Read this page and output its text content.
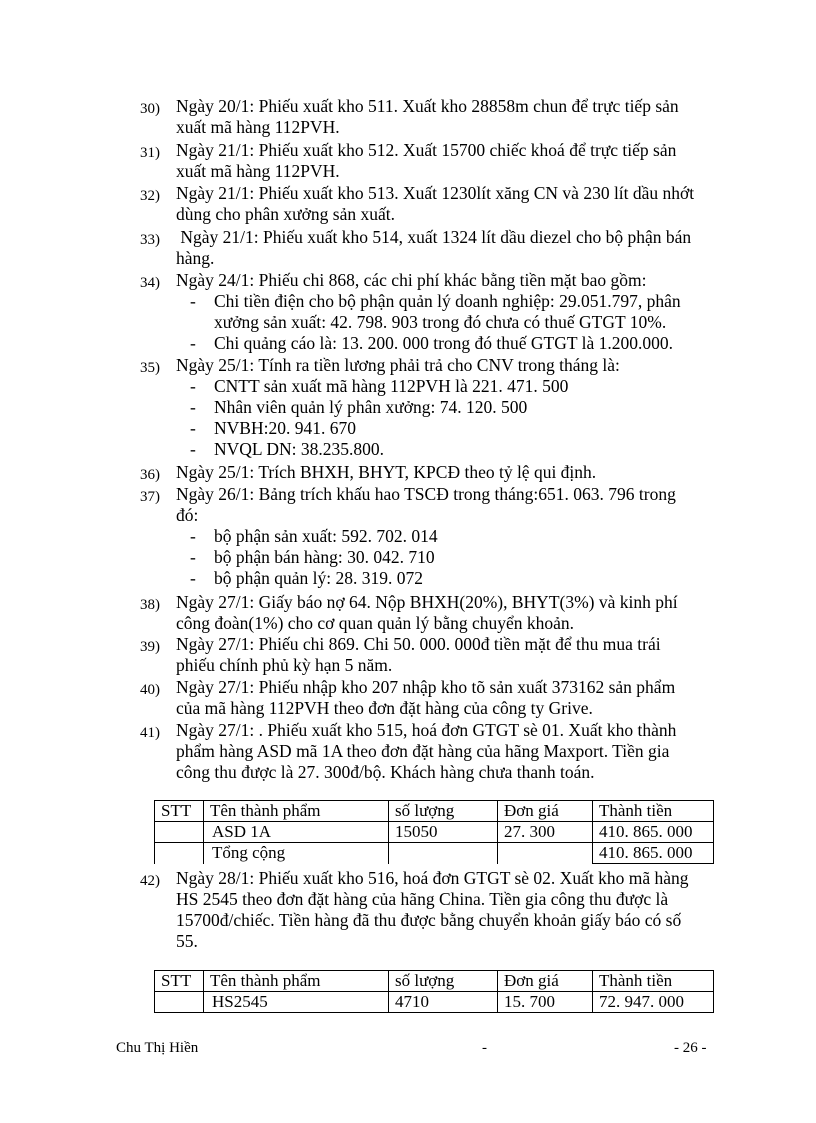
30) Ngày 20/1: Phiếu xuất kho 511. Xuất kho 28858m chun để trực tiếp sản

xuất mã hàng 112PVH.

31) Ngày 21/1: Phiếu xuất kho 512. Xuất 15700 chiếc khoá để trực tiếp sản

xuất mã hàng 112PVH.

32) Ngày 21/1: Phiếu xuất kho 513. Xuất 1230lít xăng CN và 230 lít dầu nhớt

dùng cho phân xưởng sản xuất.

33) Ngày 21/1: Phiếu xuất kho 514, xuất 1324 lít dầu diezel cho bộ phận bán

hàng.

34) Ngày 24/1: Phiếu chi 868, các chi phí khác bằng tiền mặt bao gồm:

- Chi tiền điện cho bộ phận quản lý doanh nghiệp: 29.051.797, phân
xưởng sản xuất: 42. 798. 903 trong đó chưa có thuế GTGT 10%.
- Chi quảng cáo là: 13. 200. 000 trong đó thuế GTGT là 1.200.000.
35) Ngày 25/1: Tính ra tiền lương phải trả cho CNV trong tháng là:

- CNTT sản xuất mã hàng 112PVH là 221. 471. 500
- Nhân viên quản lý phân xưởng: 74. 120. 500
- NVBH:20. 941. 670
- NVQL DN: 38.235.800.
36) Ngày 25/1: Trích BHXH, BHYT, KPCĐ theo tỷ lệ qui định.

37) Ngày 26/1: Bảng trích khấu hao TSCĐ trong tháng:651. 063. 796 trong

đó:

- bộ phận sản xuất: 592. 702. 014
- bộ phận bán hàng: 30. 042. 710
- bộ phận quản lý: 28. 319. 072
38) Ngày 27/1: Giấy báo nợ 64. Nộp BHXH(20%), BHYT(3%) và kinh phí

công đoàn(1%) cho cơ quan quản lý bằng chuyển khoản.

39) Ngày 27/1: Phiếu chi 869. Chi 50. 000. 000đ tiền mặt để thu mua trái

phiếu chính phủ kỳ hạn 5 năm.

40) Ngày 27/1: Phiếu nhập kho 207 nhập kho tõ sản xuất 373162 sản phẩm

của mã hàng 112PVH theo đơn đặt hàng của công ty Grive.

41) Ngày 27/1: . Phiếu xuất kho 515, hoá đơn GTGT sè 01. Xuất kho thành

phẩm hàng ASD mã 1A theo đơn đặt hàng của hãng Maxport. Tiền gia

công thu được là 27. 300đ/bộ. Khách hàng chưa thanh toán.

STT	Tên thành phẩm	số lượng	Đơn giá	Thành tiền
	ASD 1A	15050	27. 300	410. 865. 000
	Tổng cộng			410. 865. 000
42) Ngày 28/1: Phiếu xuất kho 516, hoá đơn GTGT sè 02. Xuất kho mã hàng

HS 2545 theo đơn đặt hàng của hãng China. Tiền gia công thu được là

15700đ/chiếc. Tiền hàng đã thu được bằng chuyển khoản giấy báo có số

55.

STT	Tên thành phẩm	số lượng	Đơn giá	Thành tiền
	HS2545	4710	15. 700	72. 947. 000
Chu Thị Hiền	-	- 26 -
